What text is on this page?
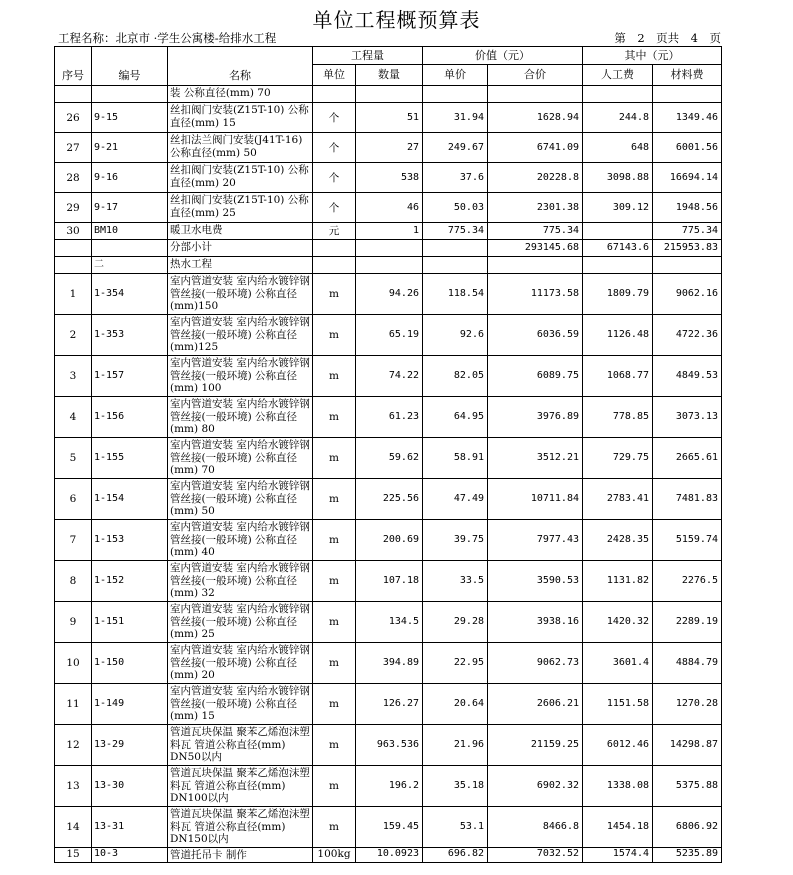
单位工程概预算表
工程名称：北京市 ·学生公寓楼-给排水工程	第　2　页共　4　页
序号	编号	名称	工程量		价值（元）		其中（元）	
			单位	数量	单价	合价	人工费	材料费
		装 公称直径(mm) 70						
26	9-15	丝扣阀门安装(Z15T-10) 公称直径(mm) 15	个	51	31.94	1628.94	244.8	1349.46
27	9-21	丝扣法兰阀门安装(J41T-16) 公称直径(mm) 50	个	27	249.67	6741.09	648	6001.56
28	9-16	丝扣阀门安装(Z15T-10) 公称直径(mm) 20	个	538	37.6	20228.8	3098.88	16694.14
29	9-17	丝扣阀门安装(Z15T-10) 公称直径(mm) 25	个	46	50.03	2301.38	309.12	1948.56
30	BM10	暖卫水电费	元	1	775.34	775.34		775.34
		分部小计				293145.68	67143.6	215953.83
	二	热水工程						
1	1-354	室内管道安装 室内给水镀锌钢管丝接(一般环境) 公称直径(mm)150	m	94.26	118.54	11173.58	1809.79	9062.16
2	1-353	室内管道安装 室内给水镀锌钢管丝接(一般环境) 公称直径(mm)125	m	65.19	92.6	6036.59	1126.48	4722.36
3	1-157	室内管道安装 室内给水镀锌钢管丝接(一般环境) 公称直径(mm) 100	m	74.22	82.05	6089.75	1068.77	4849.53
4	1-156	室内管道安装 室内给水镀锌钢管丝接(一般环境) 公称直径(mm) 80	m	61.23	64.95	3976.89	778.85	3073.13
5	1-155	室内管道安装 室内给水镀锌钢管丝接(一般环境) 公称直径(mm) 70	m	59.62	58.91	3512.21	729.75	2665.61
6	1-154	室内管道安装 室内给水镀锌钢管丝接(一般环境) 公称直径(mm) 50	m	225.56	47.49	10711.84	2783.41	7481.83
7	1-153	室内管道安装 室内给水镀锌钢管丝接(一般环境) 公称直径(mm) 40	m	200.69	39.75	7977.43	2428.35	5159.74
8	1-152	室内管道安装 室内给水镀锌钢管丝接(一般环境) 公称直径(mm) 32	m	107.18	33.5	3590.53	1131.82	2276.5
9	1-151	室内管道安装 室内给水镀锌钢管丝接(一般环境) 公称直径(mm) 25	m	134.5	29.28	3938.16	1420.32	2289.19
10	1-150	室内管道安装 室内给水镀锌钢管丝接(一般环境) 公称直径(mm) 20	m	394.89	22.95	9062.73	3601.4	4884.79
11	1-149	室内管道安装 室内给水镀锌钢管丝接(一般环境) 公称直径(mm) 15	m	126.27	20.64	2606.21	1151.58	1270.28
12	13-29	管道瓦块保温 聚苯乙烯泡沫塑料瓦 管道公称直径(mm) DN50以内	m	963.536	21.96	21159.25	6012.46	14298.87
13	13-30	管道瓦块保温 聚苯乙烯泡沫塑料瓦 管道公称直径(mm) DN100以内	m	196.2	35.18	6902.32	1338.08	5375.88
14	13-31	管道瓦块保温 聚苯乙烯泡沫塑料瓦 管道公称直径(mm) DN150以内	m	159.45	53.1	8466.8	1454.18	6806.92
15	10-3	管道托吊卡 制作	100kg	10.0923	696.82	7032.52	1574.4	5235.89
